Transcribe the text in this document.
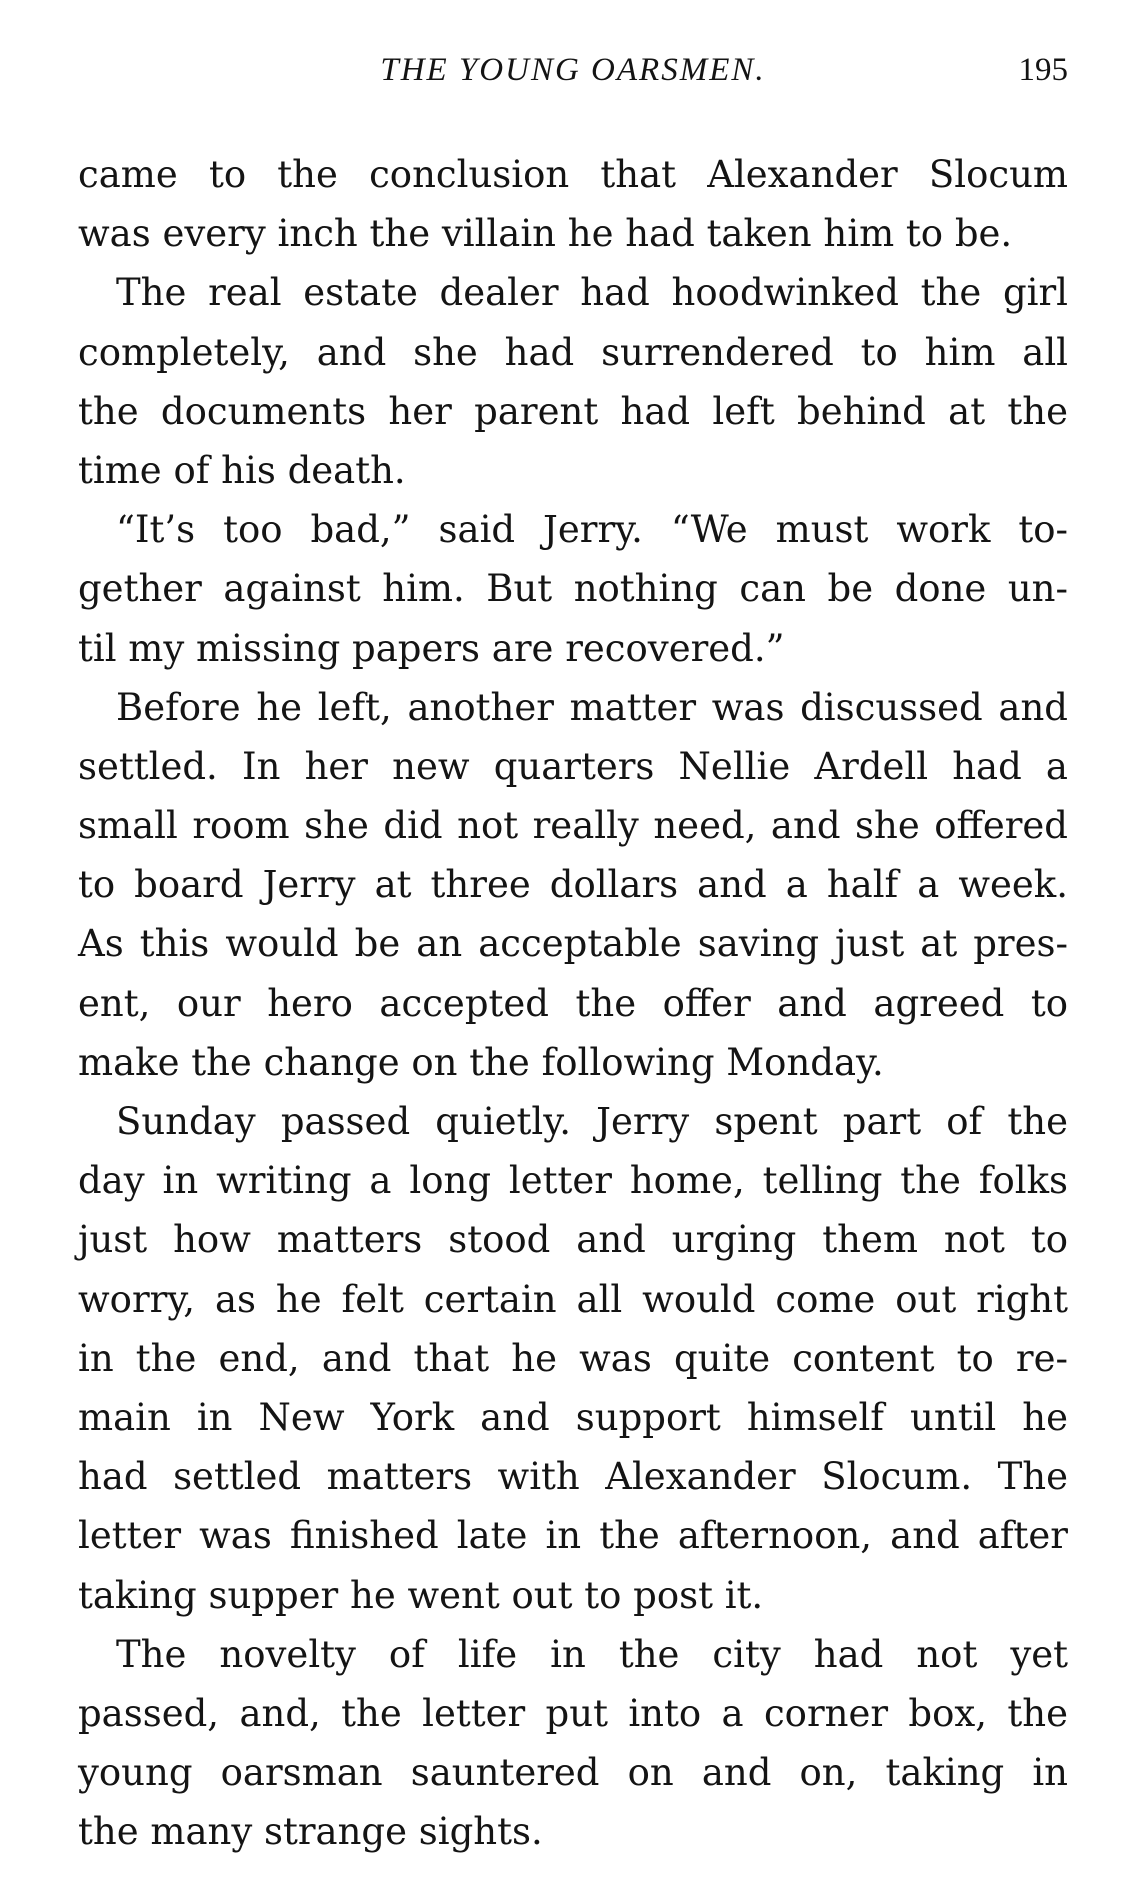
THE YOUNG OARSMEN.	195
came to the conclusion that Alexander Slocum
was every inch the villain he had taken him to be.
The real estate dealer had hoodwinked the girl
completely, and she had surrendered to him all
the documents her parent had left behind at the
time of his death.
“It’s too bad,” said Jerry. “We must work to-
gether against him. But nothing can be done un-
til my missing papers are recovered.”
Before he left, another matter was discussed and
settled. In her new quarters Nellie Ardell had a
small room she did not really need, and she offered
to board Jerry at three dollars and a half a week.
As this would be an acceptable saving just at pres-
ent, our hero accepted the offer and agreed to
make the change on the following Monday.
Sunday passed quietly. Jerry spent part of the
day in writing a long letter home, telling the folks
just how matters stood and urging them not to
worry, as he felt certain all would come out right
in the end, and that he was quite content to re-
main in New York and support himself until he
had settled matters with Alexander Slocum. The
letter was finished late in the afternoon, and after
taking supper he went out to post it.
The novelty of life in the city had not yet
passed, and, the letter put into a corner box, the
young oarsman sauntered on and on, taking in
the many strange sights.
